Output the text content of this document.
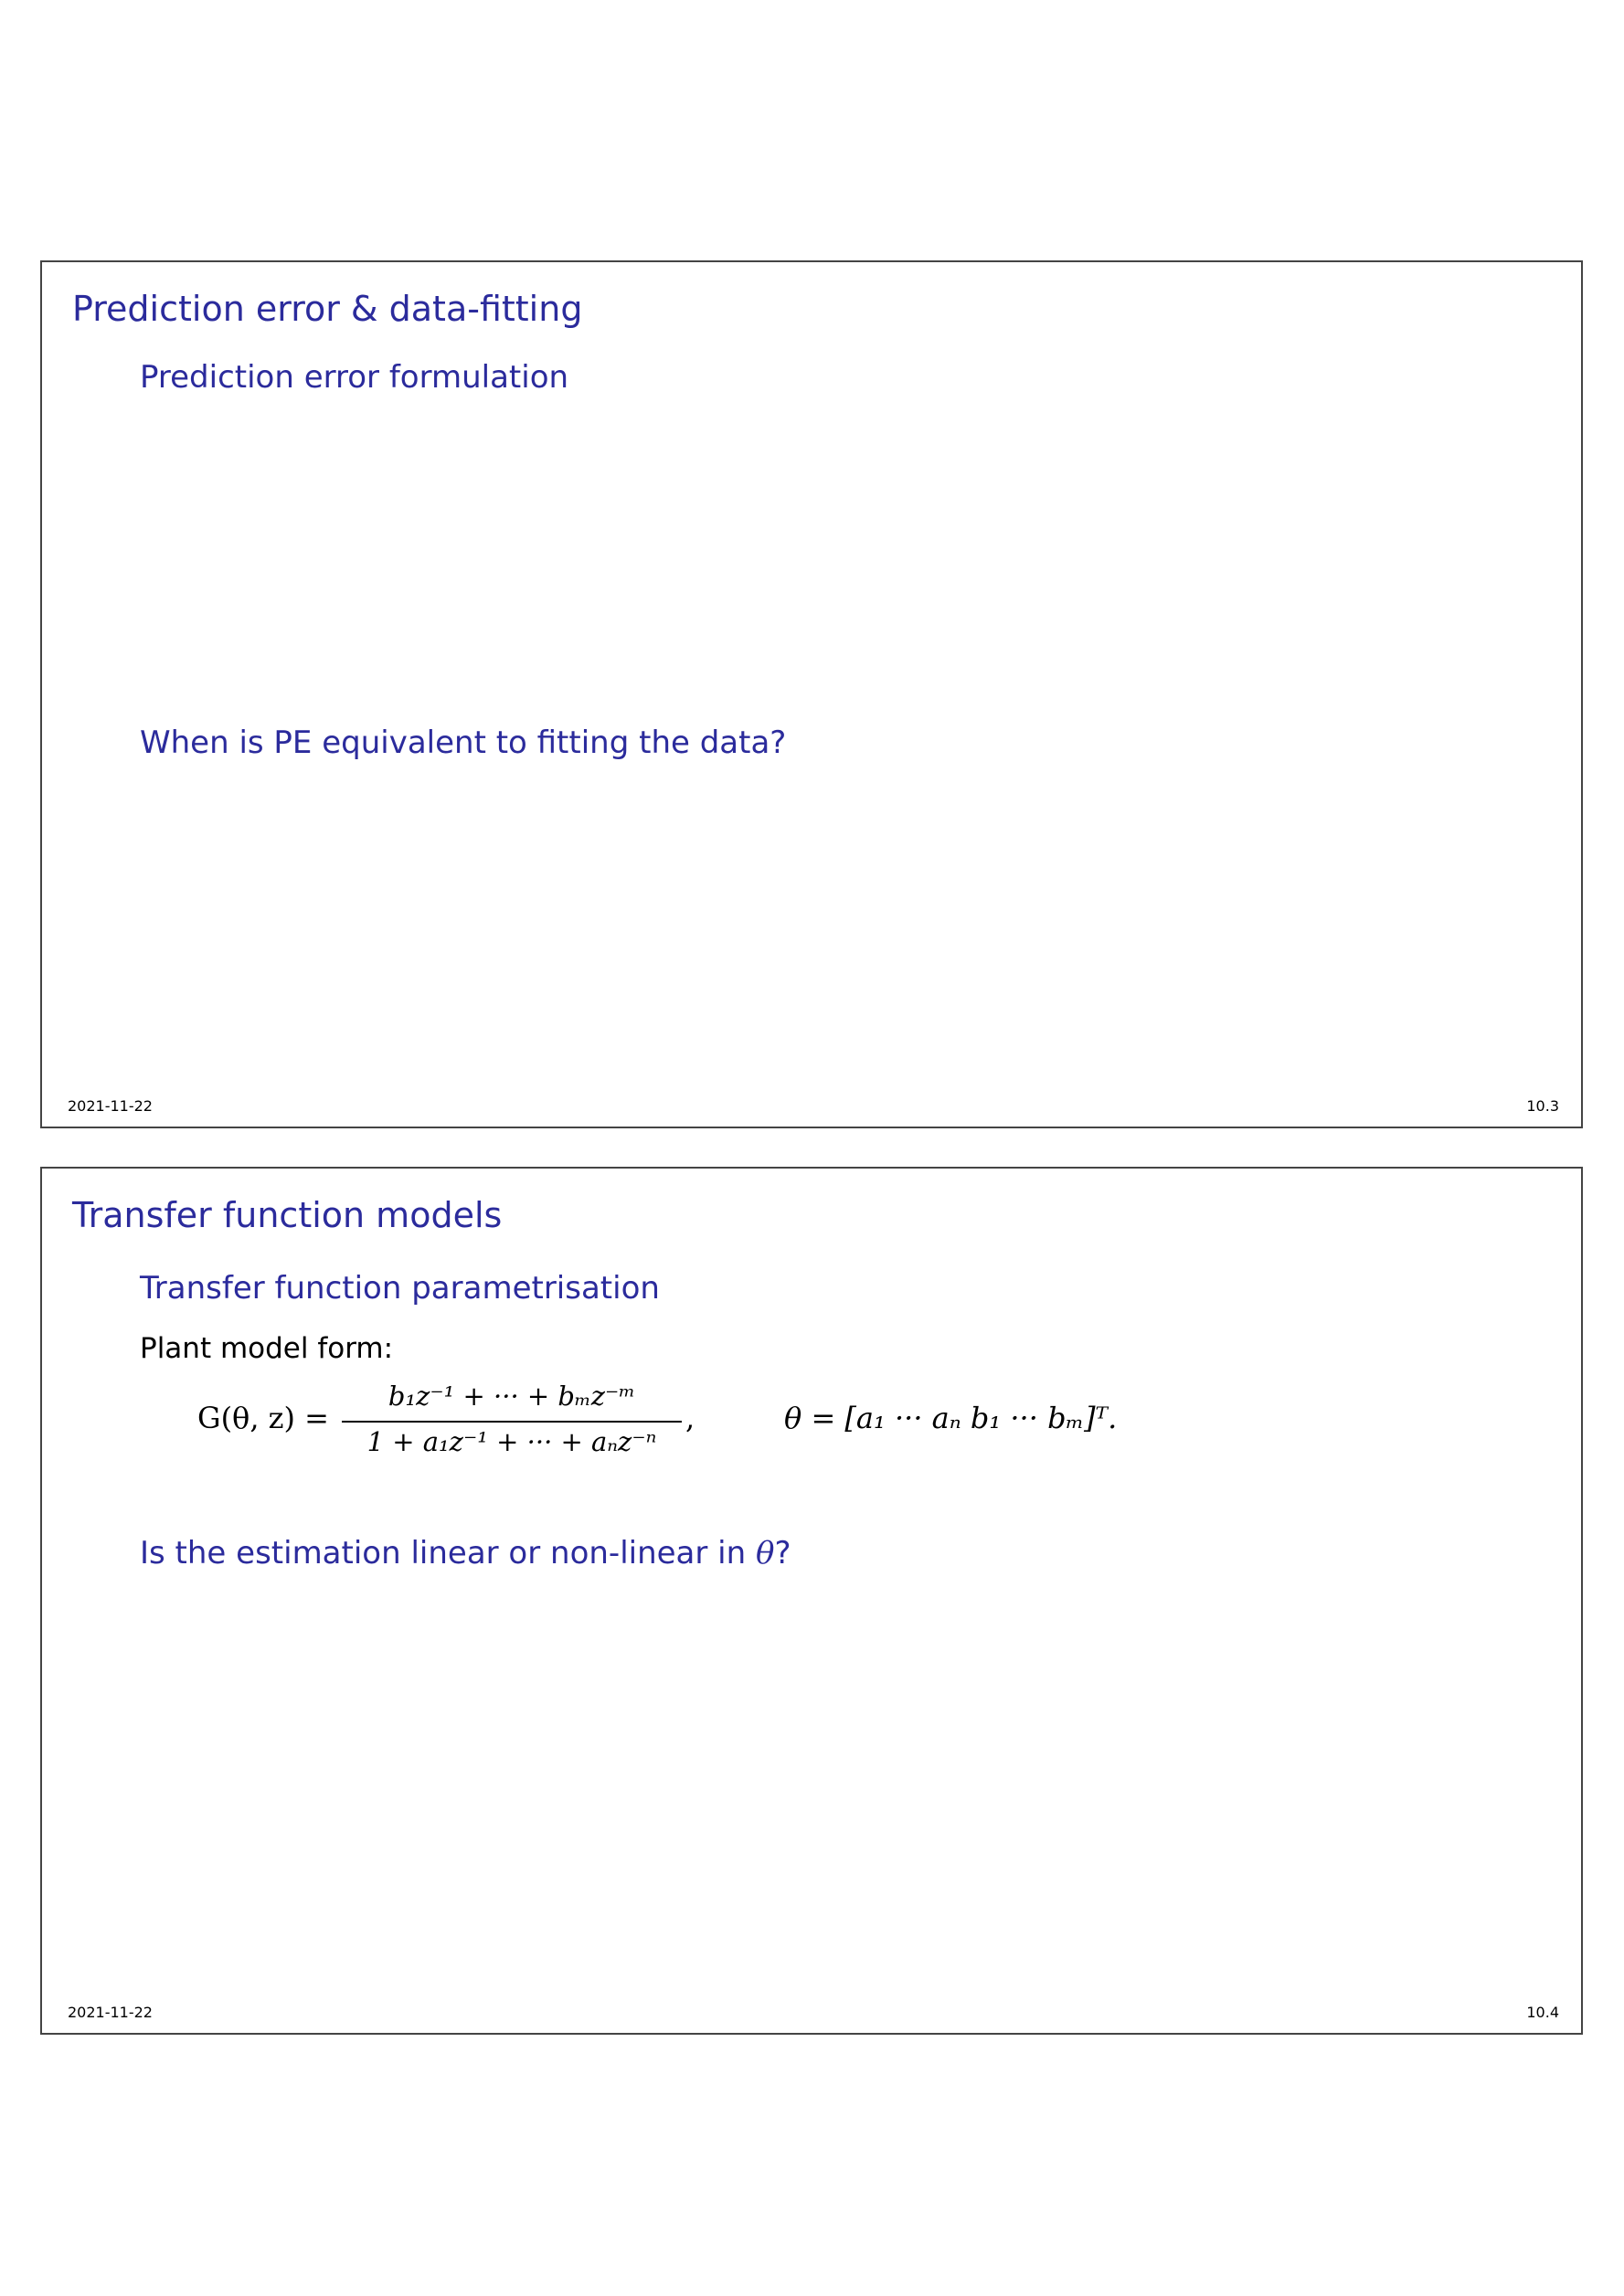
Prediction error & data-fitting
Prediction error formulation
When is PE equivalent to fitting the data?
2021-11-22	10.3
Transfer function models
Transfer function parametrisation

Plant model form:

G(θ, z) =
b₁z⁻¹ + ··· + bₘz⁻ᵐ
1 + a₁z⁻¹ + ··· + aₙz⁻ⁿ
,	θ = [a₁ ··· aₙ b₁ ··· bₘ]ᵀ.
Is the estimation linear or non-linear in θ?
2021-11-22	10.4
